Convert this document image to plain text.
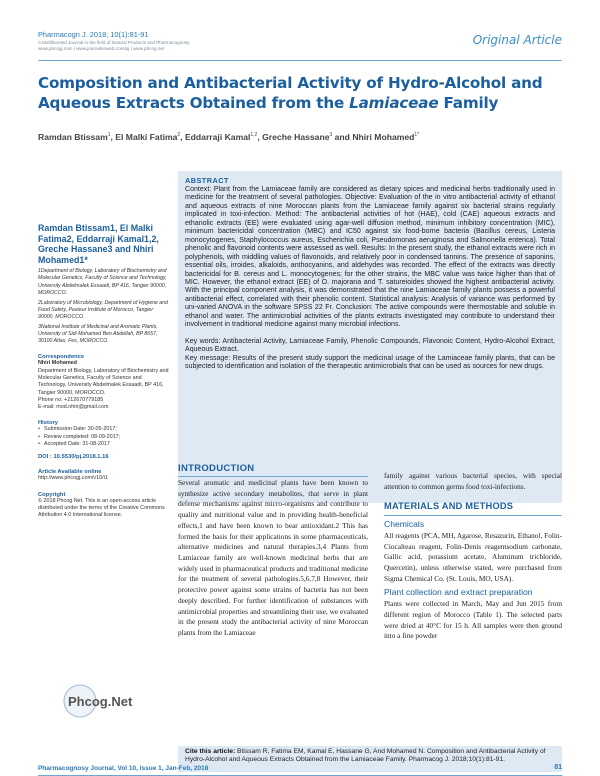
Pharmacogn J. 2018; 10(1):81-91
A Multifaceted Journal in the field of Natural Products and Pharmacognosy
www.phcogj.com | www.journalonweb.com/pj | www.phcog.net
Original Article
Composition and Antibacterial Activity of Hydro-Alcohol and Aqueous Extracts Obtained from the Lamiaceae Family
Ramdan Btissam$^1$, El Malki Fatima$^2$, Eddarraji Kamal$^{1,2}$, Greche Hassane$^3$ and Nhiri Mohamed$^{1*}$
ABSTRACT

Context: Plant from the Lamiaceae family are considered as dietary spices and medicinal herbs traditionally used in medicine for the treatment of several pathologies. Objective: Evaluation of the in vitro antibacterial activity of ethanol and aqueous extracts of nine Moroccan plants from the Lamiaceae family against six bacterial strains regularly implicated in toxi-infection. Method: The antibacterial activities of hot (HAE), cold (CAE) aqueous extracts and ethanolic extracts (EE) were evaluated using agar-well diffusion method, minimum inhibitory concentration (MIC), minimum bactericidal concentration (MBC) and IC50 against six food-borne bacteria (Bacillus cereus, Listeria monocytogenes, Staphylococcus aureus, Escherichia coli, Pseudomonas aeruginosa and Salmonella enterica). Total phenolic and flavonoid contents were assessed as well. Results: In the present study, the ethanol extracts were rich in polyphenols, with middling values of flavonoids, and relatively poor in condensed tannins. The presence of saponins, essential oils, irroides, alkaloids, anthocyanins, and aldehydes was recorded. The effect of the extracts was directly bactericidal for B. cereus and L. monocytogenes; for the other strains, the MBC value was twice higher than that of MIC. However, the ethanol extract (EE) of O. majorana and T. satureioides showed the highest antibacterial activity. With the principal component analysis, it was demonstrated that the nine Lamiaceae family plants possess a powerful antibacterial effect, correlated with their phenolic content. Statistical analysis: Analysis of variance was performed by uni-varied ANOVA in the software SPSS 22 Fr. Conclusion: The active compounds were thermostable and soluble in ethanol and water. The antimicrobial activities of the plants extracts investigated may contribute to understand their involvement in traditional medicine against many microbial infections.

Key words: Antibacterial Activity, Lamiaceae Family, Phenolic Compounds, Flavonoic Content, Hydro-Alcohol Extract, Aqueous Extract.

Key message: Results of the present study support the medicinal usage of the Lamiaceae family plants, that can be subjected to identification and isolation of the therapeutic antimicrobials that can be used as sources for new drugs.

Ramdan Btissam1, El Malki Fatima2, Eddarraji Kamal1,2, Greche Hassane3 and Nhiri Mohamed1*
1Department of Biology, Laboratory of Biochemistry and Molecular Genetics, Faculty of Science and Technology, University Abdelmalek Essaadi, BP 416, Tangier 90000, MOROCCO.
2Laboratory of Microbiology, Department of Hygiene and Food Safety, Pasteur Institute of Morocco, Tangier 90000, MOROCCO.
3National Institute of Medicinal and Aromatic Plants, University of Sidi Mohamed Ben Abdellah, BP 8657, 30100 Atlas, Fes, MOROCCO.
Correspondence
Nhiri Mohamed
Department of Biology, Laboratory of Biochemistry and Molecular Genetics, Faculty of Science and Technology, University Abdelmalek Essaadi, BP 416, Tangier 90000, MOROCCO.
Phone no: +212670779185
E-mail: mod.nhiri@gmail.com
History
• Submission Date: 30-05-2017;
• Review completed: 08-09-2017;
• Accepted Date: 31-08-2017
DOI : 10.5530/pj.2018.1.16
Article Available online
http://www.phcogj.com/v10/i1
Copyright
© 2018 Phcog.Net. This is an open-access article distributed under the terms of the Creative Commons Attribution 4.0 International license.
Phcog.Net
INTRODUCTION

Several aromatic and medicinal plants have been known to synthesize active secondary metabolites, that serve in plant defense mechanisms against micro-organisms and contribute to quality and nutritional value and in providing health-beneficial effects,1 and have been known to bear antioxidant.2 This has formed the basis for their applications in some pharmaceuticals, alternative medicines and natural therapies.3,4 Plants from Lamiaceae family are well-known medicinal herbs that are widely used in pharmaceutical products and traditional medicine for the treatment of several pathologies.5,6,7,8 However, their protective power against some strains of bacteria has not been deeply described. For further identification of substances with antimicrobial properties and streamlining their use, we evaluated in the present study the antibacterial activity of nine Moroccan plants from the Lamiaceae

family against various bacterial species, with special attention to common germs food toxi-infections.

MATERIALS AND METHODS
Chemicals

All reagents (PCA, MH, Agarose, Resazurin, Ethanol, Folin-Ciocalteau reagent, Folin-Denis reagentsodium carbonate, Gallic acid, potassium acetate, Aluminum trichloride, Quercetin), unless otherwise stated, were purchased from Sigma Chemical Co. (St. Louis, MO, USA).

Plant collection and extract preparation

Plants were collected in March, May and Jun 2015 from different region of Morocco (Table 1). The selected parts were dried at 40°C for 15 h. All samples were then ground into a fine powder

Cite this article: Btissam R, Fatima EM, Kamal E, Hassane G, And Mohamed N. Composition and Antibacterial Activity of Hydro-Alcohol and Aqueous Extracts Obtained from the Lamiaceae Family. Pharmacog J. 2018;10(1):81-91.
Pharmacognosy Journal, Vol 10, Issue 1, Jan-Feb, 2018	81
